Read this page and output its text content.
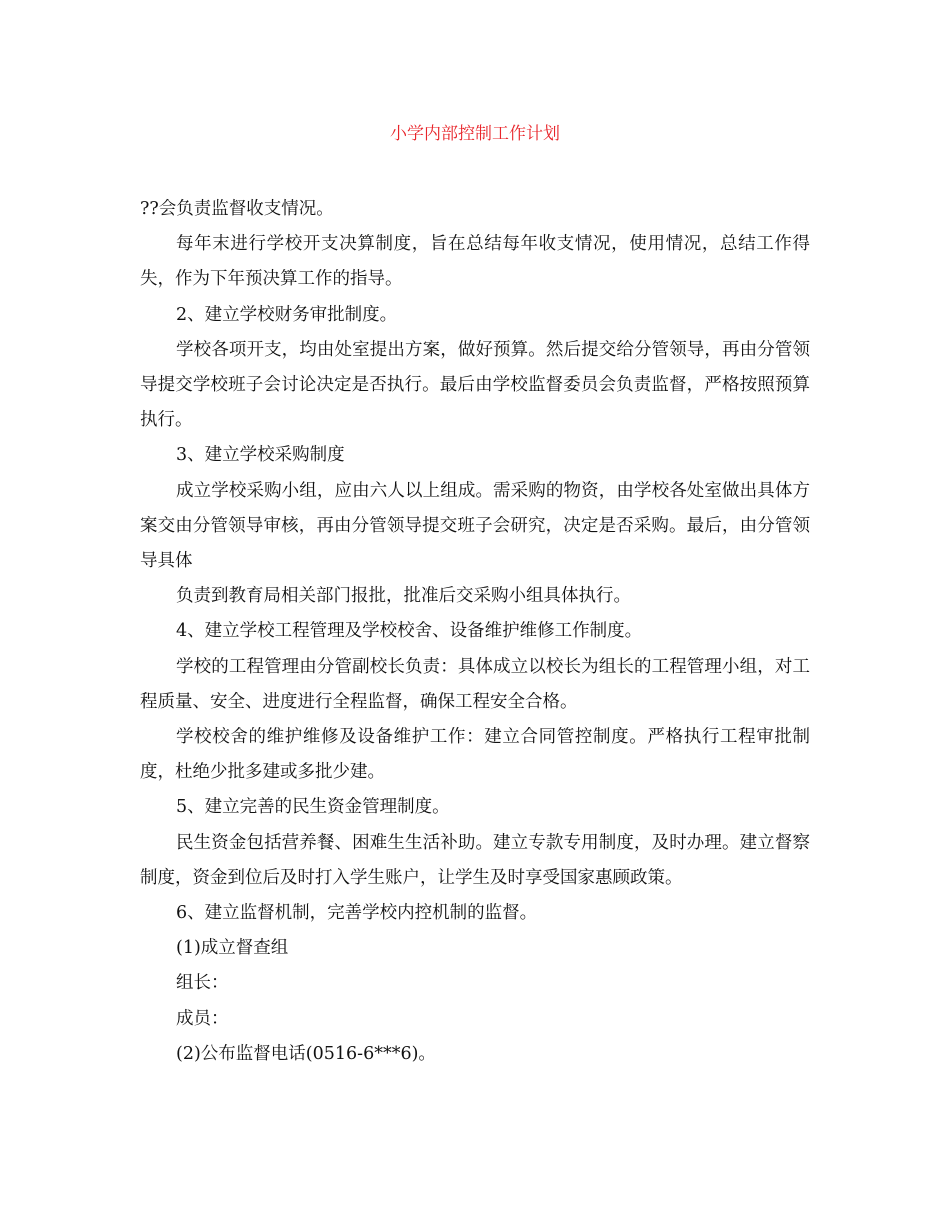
小学内部控制工作计划

??会负责监督收支情况。

每年末进行学校开支决算制度，旨在总结每年收支情况，使用情况，总结工作得失，作为下年预决算工作的指导。

2、建立学校财务审批制度。

学校各项开支，均由处室提出方案，做好预算。然后提交给分管领导，再由分管领导提交学校班子会讨论决定是否执行。最后由学校监督委员会负责监督，严格按照预算执行。

3、建立学校采购制度

成立学校采购小组，应由六人以上组成。需采购的物资，由学校各处室做出具体方案交由分管领导审核，再由分管领导提交班子会研究，决定是否采购。最后，由分管领导具体

负责到教育局相关部门报批，批准后交采购小组具体执行。

4、建立学校工程管理及学校校舍、设备维护维修工作制度。

学校的工程管理由分管副校长负责：具体成立以校长为组长的工程管理小组，对工程质量、安全、进度进行全程监督，确保工程安全合格。

学校校舍的维护维修及设备维护工作：建立合同管控制度。严格执行工程审批制度，杜绝少批多建或多批少建。

5、建立完善的民生资金管理制度。

民生资金包括营养餐、困难生生活补助。建立专款专用制度，及时办理。建立督察制度，资金到位后及时打入学生账户，让学生及时享受国家惠顾政策。

6、建立监督机制，完善学校内控机制的监督。

(1)成立督查组

组长：

成员：

(2)公布监督电话(0516-6***6)。
